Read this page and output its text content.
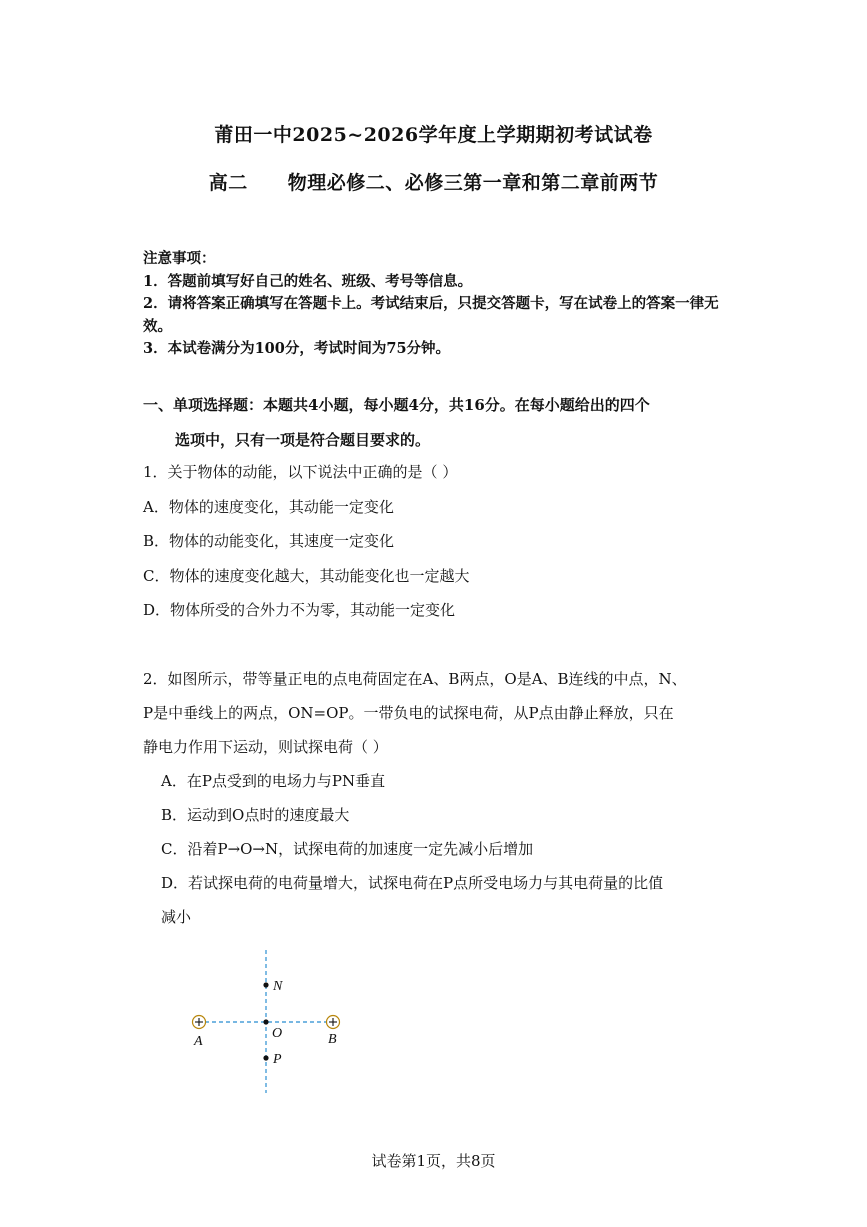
莆田一中2025~2026学年度上学期期初考试试卷
高二 物理必修二、必修三第一章和第二章前两节
注意事项：
1．答题前填写好自己的姓名、班级、考号等信息。
2．请将答案正确填写在答题卡上。考试结束后，只提交答题卡，写在试卷上的答案一律无效。
3．本试卷满分为100分，考试时间为75分钟。
一、单项选择题：本题共4小题，每小题4分，共16分。在每小题给出的四个
选项中，只有一项是符合题目要求的。
1．关于物体的动能，以下说法中正确的是（ ）
A．物体的速度变化，其动能一定变化
B．物体的动能变化，其速度一定变化
C．物体的速度变化越大，其动能变化也一定越大
D．物体所受的合外力不为零，其动能一定变化
2．如图所示，带等量正电的点电荷固定在A、B两点，O是A、B连线的中点，N、
P是中垂线上的两点，ON=OP。一带负电的试探电荷，从P点由静止释放，只在
静电力作用下运动，则试探电荷（ ）
A．在P点受到的电场力与PN垂直
B．运动到O点时的速度最大
C．沿着P→O→N，试探电荷的加速度一定先减小后增加
D．若试探电荷的电荷量增大，试探电荷在P点所受电场力与其电荷量的比值
减小
N
O
P
A	B
试卷第1页，共8页
